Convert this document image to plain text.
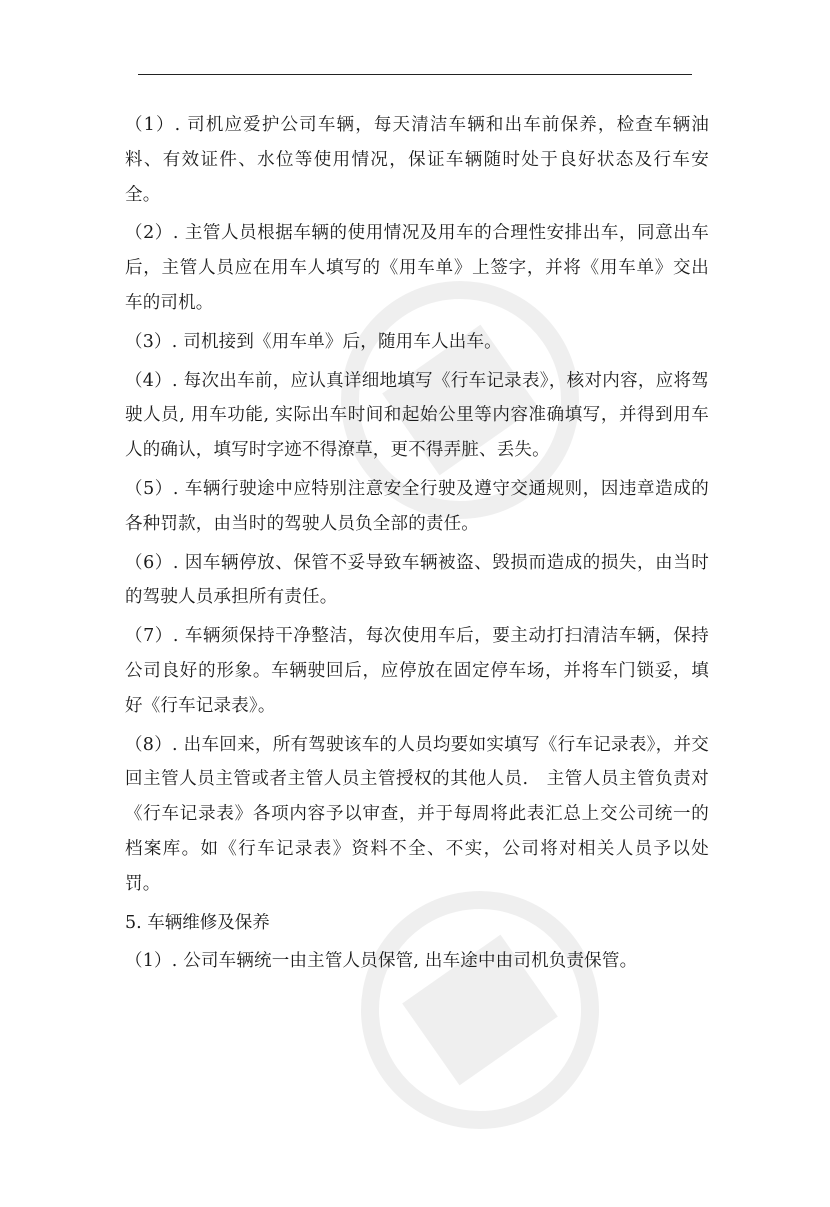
（1）. 司机应爱护公司车辆，每天清洁车辆和出车前保养，检查车辆油料、有效证件、水位等使用情况，保证车辆随时处于良好状态及行车安全。

（2）. 主管人员根据车辆的使用情况及用车的合理性安排出车，同意出车后，主管人员应在用车人填写的《用车单》上签字，并将《用车单》交出车的司机。

（3）. 司机接到《用车单》后，随用车人出车。

（4）. 每次出车前，应认真详细地填写《行车记录表》，核对内容，应将驾驶人员, 用车功能, 实际出车时间和起始公里等内容准确填写，并得到用车人的确认，填写时字迹不得潦草，更不得弄脏、丢失。

（5）. 车辆行驶途中应特别注意安全行驶及遵守交通规则，因违章造成的各种罚款，由当时的驾驶人员负全部的责任。

（6）. 因车辆停放、保管不妥导致车辆被盗、毁损而造成的损失，由当时的驾驶人员承担所有责任。

（7）. 车辆须保持干净整洁，每次使用车后，要主动打扫清洁车辆，保持公司良好的形象。车辆驶回后，应停放在固定停车场，并将车门锁妥，填好《行车记录表》。

（8）. 出车回来，所有驾驶该车的人员均要如实填写《行车记录表》，并交回主管人员主管或者主管人员主管授权的其他人员.　主管人员主管负责对《行车记录表》各项内容予以审查，并于每周将此表汇总上交公司统一的档案库。如《行车记录表》资料不全、不实，公司将对相关人员予以处罚。

5. 车辆维修及保养

（1）. 公司车辆统一由主管人员保管, 出车途中由司机负责保管。
